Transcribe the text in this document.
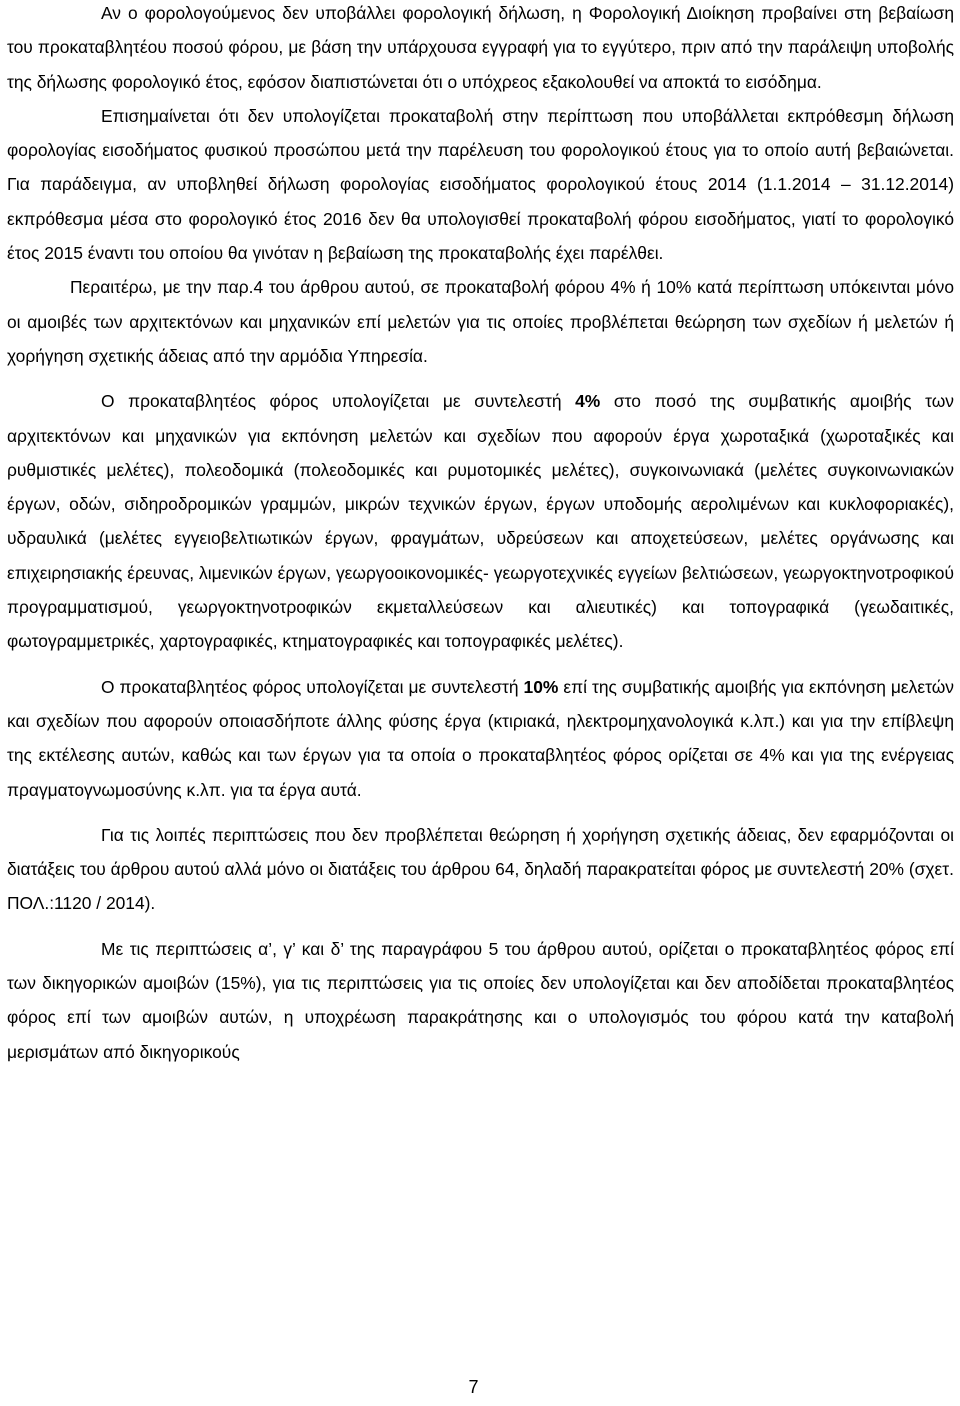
Αν ο φορολογούμενος δεν υποβάλλει φορολογική δήλωση, η Φορολογική Διοίκηση προβαίνει στη βεβαίωση του προκαταβλητέου ποσού φόρου, με βάση την υπάρχουσα εγγραφή για το εγγύτερο, πριν από την παράλειψη υποβολής της δήλωσης φορολογικό έτος, εφόσον διαπιστώνεται ότι ο υπόχρεος εξακολουθεί να αποκτά το εισόδημα.

Επισημαίνεται ότι δεν υπολογίζεται προκαταβολή στην περίπτωση που υποβάλλεται εκπρόθεσμη δήλωση φορολογίας εισοδήματος φυσικού προσώπου μετά την παρέλευση του φορολογικού έτους για το οποίο αυτή βεβαιώνεται. Για παράδειγμα, αν υποβληθεί δήλωση φορολογίας εισοδήματος φορολογικού έτους 2014 (1.1.2014 – 31.12.2014) εκπρόθεσμα μέσα στο φορολογικό έτος 2016 δεν θα υπολογισθεί προκαταβολή φόρου εισοδήματος, γιατί το φορολογικό έτος 2015 έναντι του οποίου θα γινόταν η βεβαίωση της προκαταβολής έχει παρέλθει.

Περαιτέρω, με την παρ.4 του άρθρου αυτού, σε προκαταβολή φόρου 4% ή 10% κατά περίπτωση υπόκεινται μόνο οι αμοιβές των αρχιτεκτόνων και μηχανικών επί μελετών για τις οποίες προβλέπεται θεώρηση των σχεδίων ή μελετών ή χορήγηση σχετικής άδειας από την αρμόδια Υπηρεσία.

Ο προκαταβλητέος φόρος υπολογίζεται με συντελεστή 4% στο ποσό της συμβατικής αμοιβής των αρχιτεκτόνων και μηχανικών για εκπόνηση μελετών και σχεδίων που αφορούν έργα χωροταξικά (χωροταξικές και ρυθμιστικές μελέτες), πολεοδομικά (πολεοδομικές και ρυμοτομικές μελέτες), συγκοινωνιακά (μελέτες συγκοινωνιακών έργων, οδών, σιδηροδρομικών γραμμών, μικρών τεχνικών έργων, έργων υποδομής αερολιμένων και κυκλοφοριακές), υδραυλικά (μελέτες εγγειοβελτιωτικών έργων, φραγμάτων, υδρεύσεων και αποχετεύσεων, μελέτες οργάνωσης και επιχειρησιακής έρευνας, λιμενικών έργων, γεωργοοικονομικές- γεωργοτεχνικές εγγείων βελτιώσεων, γεωργοκτηνοτροφικού προγραμματισμού, γεωργοκτηνοτροφικών εκμεταλλεύσεων και αλιευτικές) και τοπογραφικά (γεωδαιτικές, φωτογραμμετρικές, χαρτογραφικές, κτηματογραφικές και τοπογραφικές μελέτες).

Ο προκαταβλητέος φόρος υπολογίζεται με συντελεστή 10% επί της συμβατικής αμοιβής για εκπόνηση μελετών και σχεδίων που αφορούν οποιασδήποτε άλλης φύσης έργα (κτιριακά, ηλεκτρομηχανολογικά κ.λπ.) και για την επίβλεψη της εκτέλεσης αυτών, καθώς και των έργων για τα οποία ο προκαταβλητέος φόρος ορίζεται σε 4% και για της ενέργειας πραγματογνωμοσύνης κ.λπ. για τα έργα αυτά.

Για τις λοιπές περιπτώσεις που δεν προβλέπεται θεώρηση ή χορήγηση σχετικής άδειας, δεν εφαρμόζονται οι διατάξεις του άρθρου αυτού αλλά μόνο οι διατάξεις του άρθρου 64, δηλαδή παρακρατείται φόρος με συντελεστή 20% (σχετ. ΠΟΛ.:1120 / 2014).

Με τις περιπτώσεις α’, γ’ και δ’ της παραγράφου 5 του άρθρου αυτού, ορίζεται ο προκαταβλητέος φόρος επί των δικηγορικών αμοιβών (15%), για τις περιπτώσεις για τις οποίες δεν υπολογίζεται και δεν αποδίδεται προκαταβλητέος φόρος επί των αμοιβών αυτών, η υποχρέωση παρακράτησης και ο υπολογισμός του φόρου κατά την καταβολή μερισμάτων από δικηγορικούς

7
